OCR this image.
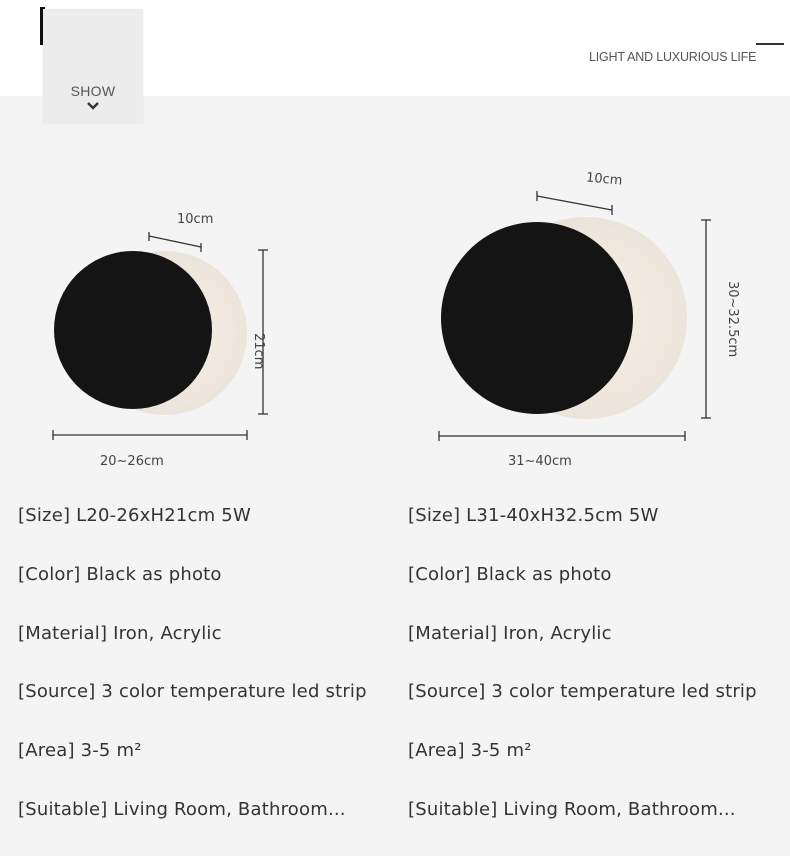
SHOW
LIGHT AND LUXURIOUS LIFE
10cm
21cm
20~26cm
10cm
30~32.5cm
31~40cm
[Size] L20-26xH21cm 5W
[Color] Black as photo
[Material] Iron, Acrylic
[Source] 3 color temperature led strip
[Area] 3-5 m²
[Suitable] Living Room, Bathroom...
[Size] L31-40xH32.5cm 5W
[Color] Black as photo
[Material] Iron, Acrylic
[Source] 3 color temperature led strip
[Area] 3-5 m²
[Suitable] Living Room, Bathroom...
